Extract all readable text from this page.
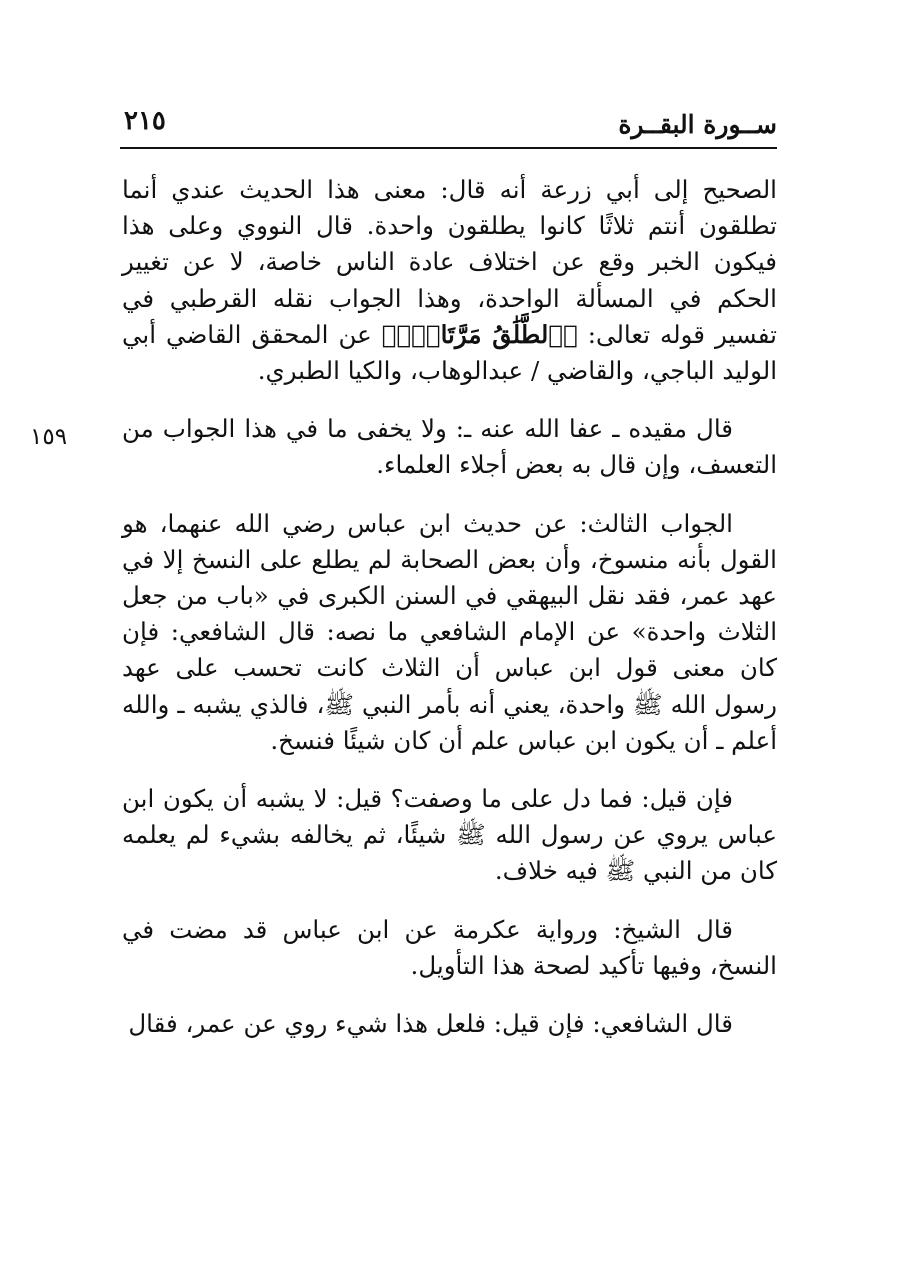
ســورة البقــرة
٢١٥
١٥٩

الصحيح إلى أبي زرعة أنه قال: معنى هذا الحديث عندي أنما تطلقون أنتم ثلاثًا كانوا يطلقون واحدة. قال النووي وعلى هذا فيكون الخبر وقع عن اختلاف عادة الناس خاصة، لا عن تغيير الحكم في المسألة الواحدة، وهذا الجواب نقله القرطبي في تفسير قوله تعالى: ﴿ٱلطَّلَٰقُ مَرَّتَانِۖ﴾ عن المحقق القاضي أبي الوليد الباجي، والقاضي / عبدالوهاب، والكيا الطبري.

قال مقيده ـ عفا الله عنه ـ: ولا يخفى ما في هذا الجواب من التعسف، وإن قال به بعض أجلاء العلماء.

الجواب الثالث: عن حديث ابن عباس رضي الله عنهما، هو القول بأنه منسوخ، وأن بعض الصحابة لم يطلع على النسخ إلا في عهد عمر، فقد نقل البيهقي في السنن الكبرى في «باب من جعل الثلاث واحدة» عن الإمام الشافعي ما نصه: قال الشافعي: فإن كان معنى قول ابن عباس أن الثلاث كانت تحسب على عهد رسول الله ﷺ واحدة، يعني أنه بأمر النبي ﷺ، فالذي يشبه ـ والله أعلم ـ أن يكون ابن عباس علم أن كان شيئًا فنسخ.

فإن قيل: فما دل على ما وصفت؟ قيل: لا يشبه أن يكون ابن عباس يروي عن رسول الله ﷺ شيئًا، ثم يخالفه بشيء لم يعلمه كان من النبي ﷺ فيه خلاف.

قال الشيخ: ورواية عكرمة عن ابن عباس قد مضت في النسخ، وفيها تأكيد لصحة هذا التأويل.

قال الشافعي: فإن قيل: فلعل هذا شيء روي عن عمر، فقال
